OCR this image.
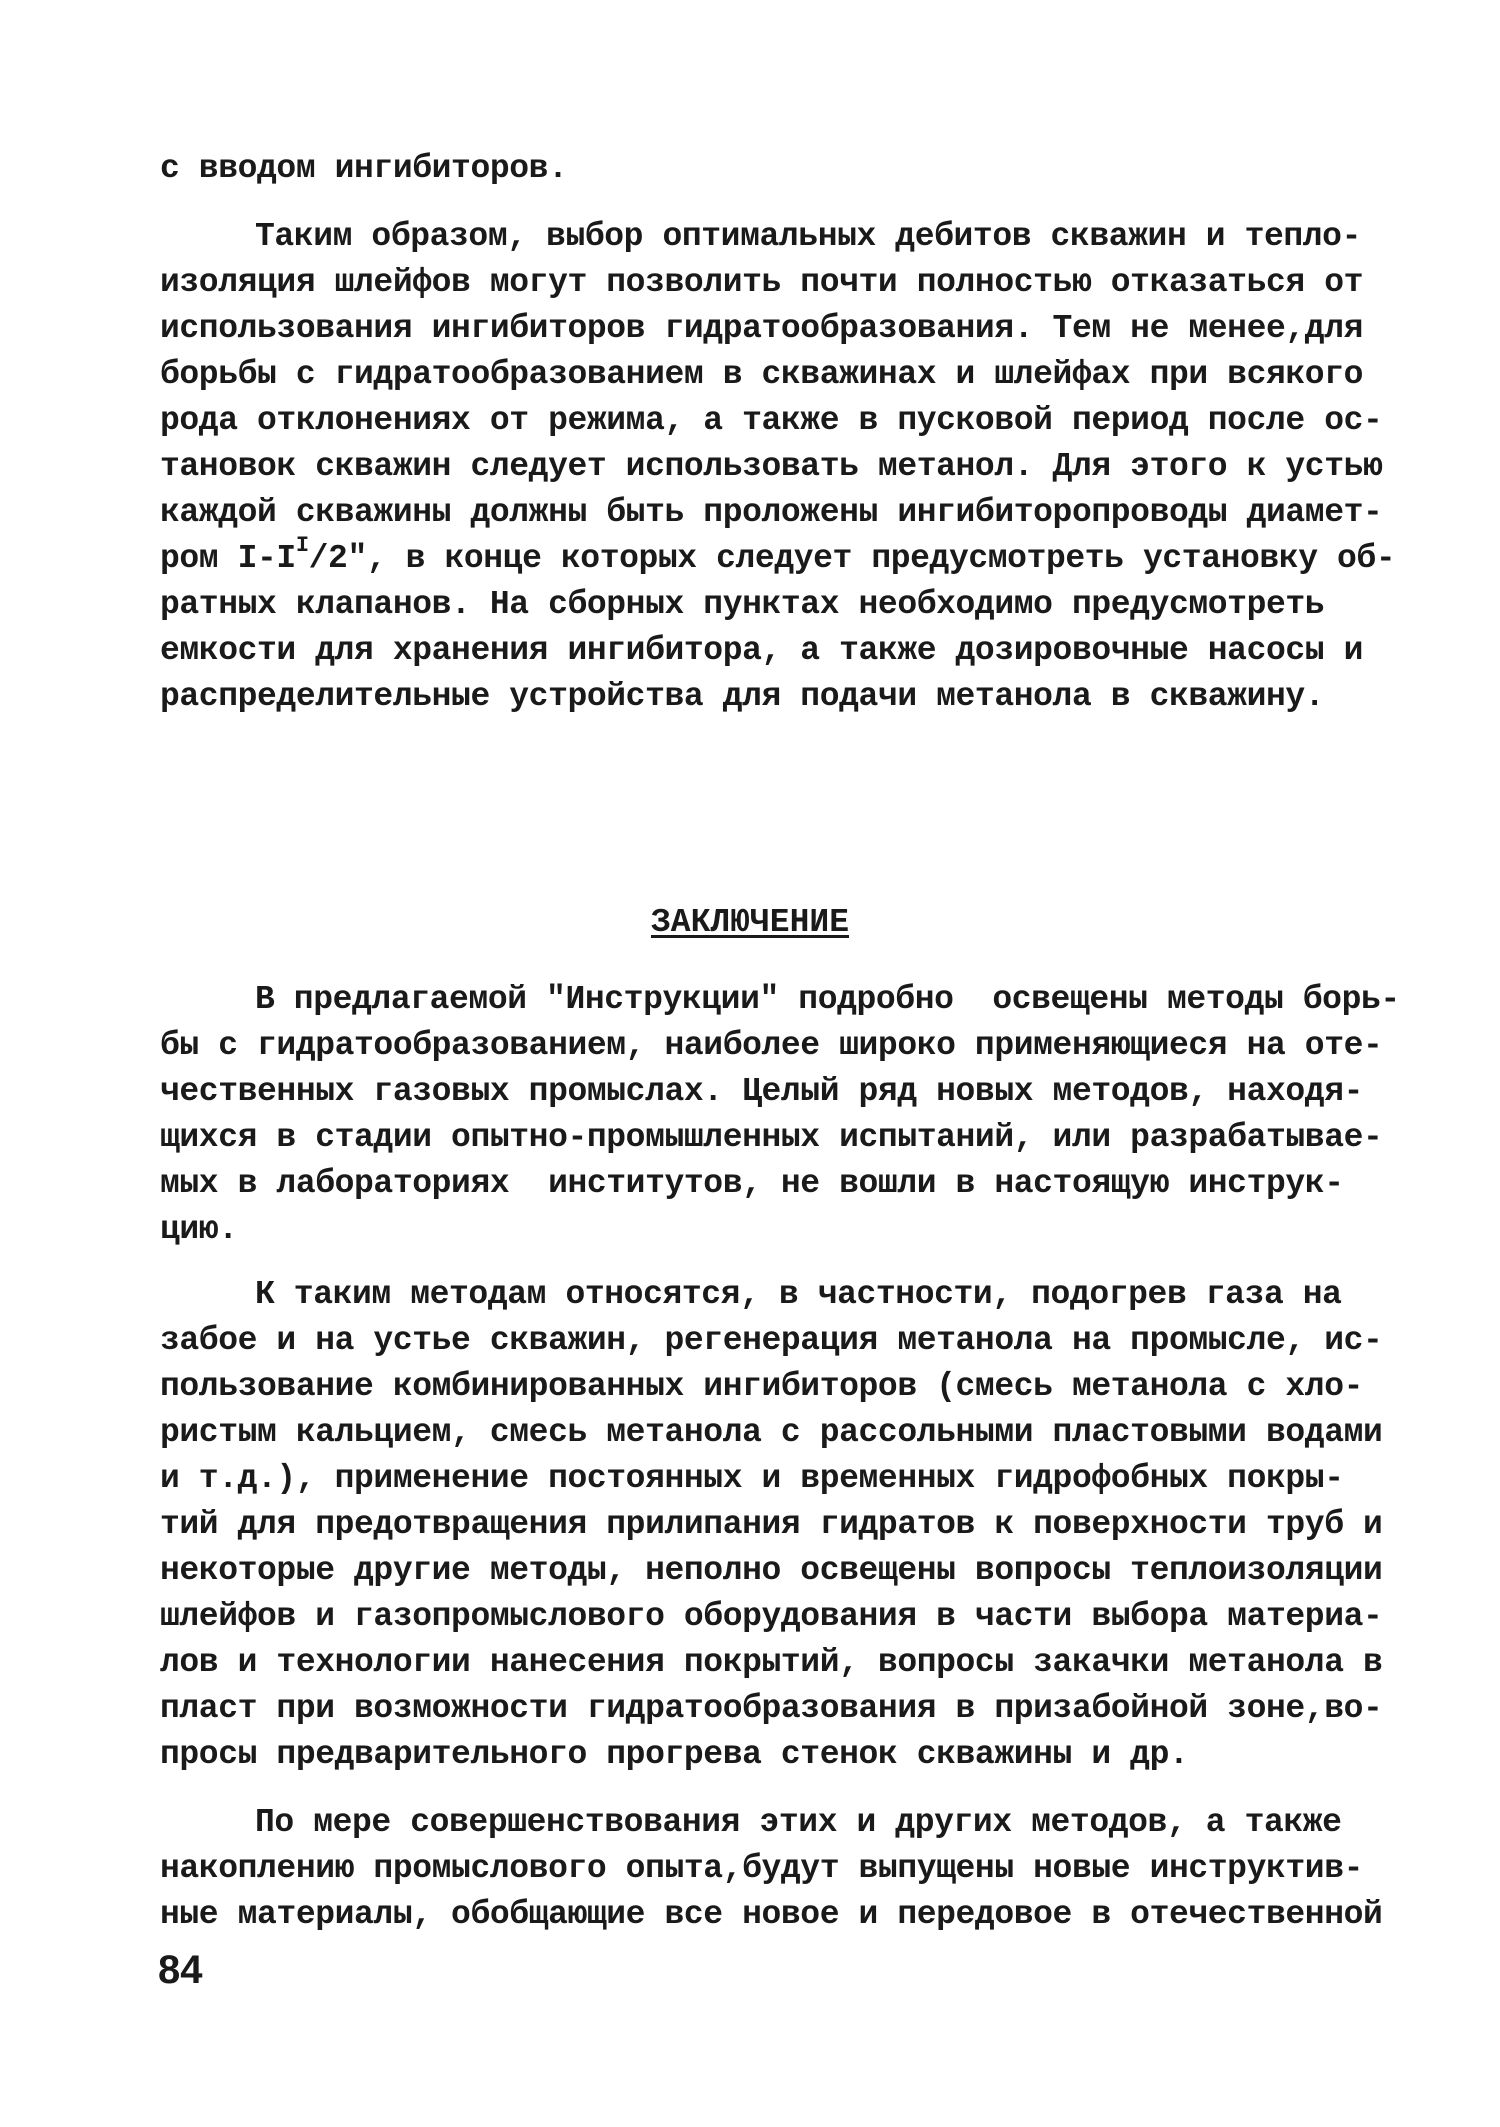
с вводом ингибиторов.
Таким образом, выбор оптимальных дебитов скважин и тепло-
изоляция шлейфов могут позволить почти полностью отказаться от
использования ингибиторов гидратообразования. Тем не менее,для
борьбы с гидратообразованием в скважинах и шлейфах при всякого
рода отклонениях от режима, а также в пусковой период после ос-
тановок скважин следует использовать метанол. Для этого к устью
каждой скважины должны быть проложены ингибиторопроводы диамет-
ром $I-I^I/2$", в конце которых следует предусмотреть установку об-
ратных клапанов. На сборных пунктах необходимо предусмотреть
емкости для хранения ингибитора, а также дозировочные насосы и
распределительные устройства для подачи метанола в скважину.
ЗАКЛЮЧЕНИЕ
В предлагаемой "Инструкции" подробно  освещены методы борь-
бы с гидратообразованием, наиболее широко применяющиеся на оте-
чественных газовых промыслах. Целый ряд новых методов, находя-
щихся в стадии опытно-промышленных испытаний, или разрабатывае-
мых в лабораториях  институтов, не вошли в настоящую инструк-
цию.
К таким методам относятся, в частности, подогрев газа на
забое и на устье скважин, регенерация метанола на промысле, ис-
пользование комбинированных ингибиторов (смесь метанола с хло-
ристым кальцием, смесь метанола с рассольными пластовыми водами
и т.д.), применение постоянных и временных гидрофобных покры-
тий для предотвращения прилипания гидратов к поверхности труб и
некоторые другие методы, неполно освещены вопросы теплоизоляции
шлейфов и газопромыслового оборудования в части выбора материа-
лов и технологии нанесения покрытий, вопросы закачки метанола в
пласт при возможности гидратообразования в призабойной зоне,во-
просы предварительного прогрева стенок скважины и др.
По мере совершенствования этих и других методов, а также
накоплению промыслового опыта,будут выпущены новые инструктив-
ные материалы, обобщающие все новое и передовое в отечественной
84
